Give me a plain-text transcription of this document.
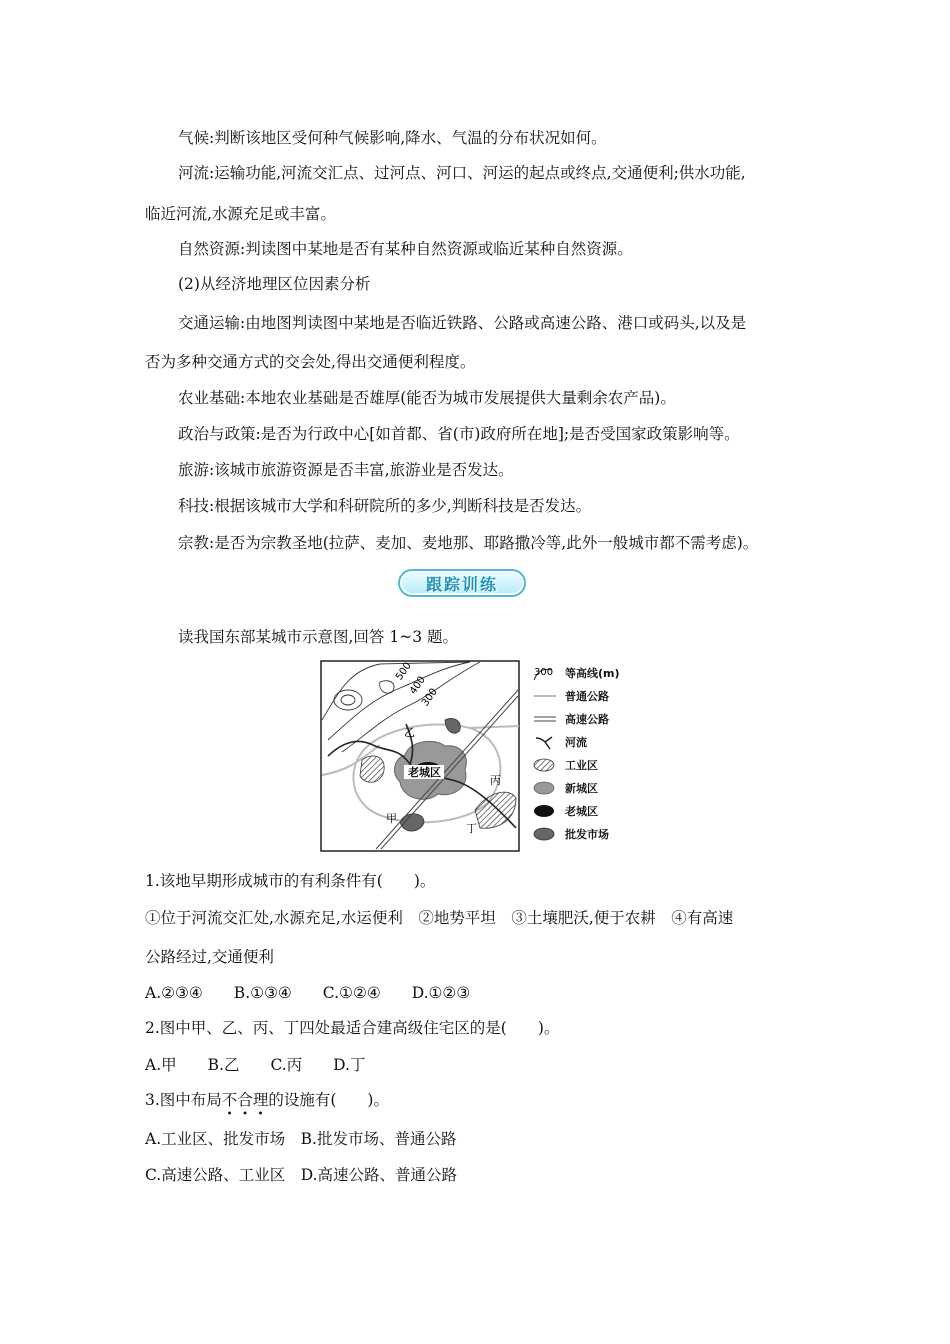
气候:判断该地区受何种气候影响,降水、气温的分布状况如何。
河流:运输功能,河流交汇点、过河点、河口、河运的起点或终点,交通便利;供水功能,
临近河流,水源充足或丰富。
自然资源:判读图中某地是否有某种自然资源或临近某种自然资源。
(2)从经济地理区位因素分析
交通运输:由地图判读图中某地是否临近铁路、公路或高速公路、港口或码头,以及是
否为多种交通方式的交会处,得出交通便利程度。
农业基础:本地农业基础是否雄厚(能否为城市发展提供大量剩余农产品)。
政治与政策:是否为行政中心[如首都、省(市)政府所在地];是否受国家政策影响等。
旅游:该城市旅游资源是否丰富,旅游业是否发达。
科技:根据该城市大学和科研院所的多少,判断科技是否发达。
宗教:是否为宗教圣地(拉萨、麦加、麦地那、耶路撒冷等,此外一般城市都不需考虑)。
跟踪训练
读我国东部某城市示意图,回答 1~3 题。
500
400
300
老城区
乙
丙
甲
丁
300 等高线(m)
普通公路
高速公路
河流
工业区
新城区
老城区
批发市场
1.该地早期形成城市的有利条件有(　　)。
①位于河流交汇处,水源充足,水运便利　②地势平坦　③土壤肥沃,便于农耕　④有高速
公路经过,交通便利
A.②③④　　B.①③④　　C.①②④　　D.①②③
2.图中甲、乙、丙、丁四处最适合建高级住宅区的是(　　)。
A.甲　　B.乙　　C.丙　　D.丁
3.图中布局不合理的设施有(　　)。
A.工业区、批发市场　B.批发市场、普通公路
C.高速公路、工业区　D.高速公路、普通公路
